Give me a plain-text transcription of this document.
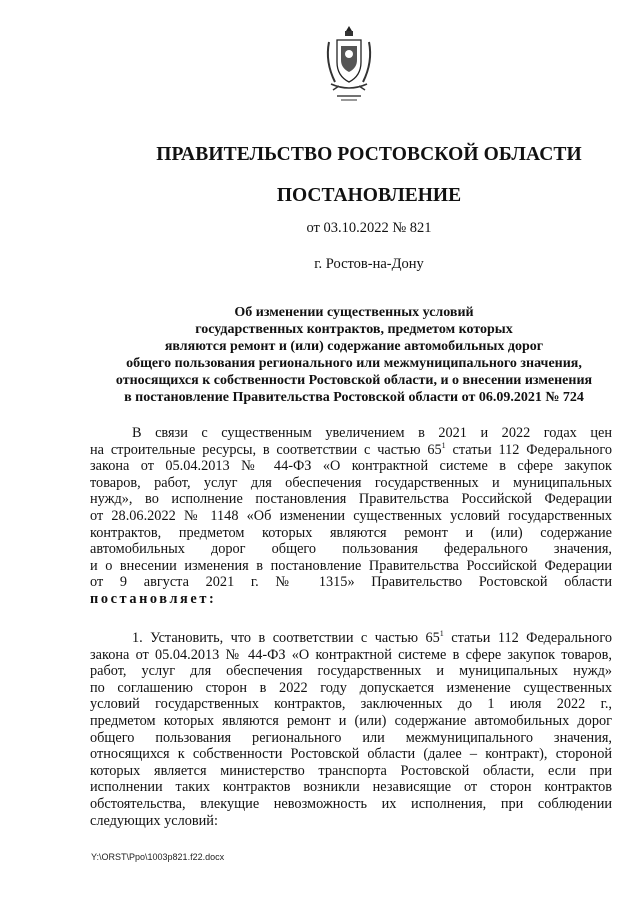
ПРАВИТЕЛЬСТВО РОСТОВСКОЙ ОБЛАСТИ
ПОСТАНОВЛЕНИЕ
от 03.10.2022 № 821
г. Ростов-на-Дону
Об изменении существенных условий
государственных контрактов, предметом которых
являются ремонт и (или) содержание автомобильных дорог
общего пользования регионального или межмуниципального значения,
относящихся к собственности Ростовской области, и о внесении изменения
в постановление Правительства Ростовской области от 06.09.2021 № 724
В связи с существенным увеличением в 2021 и 2022 годах цен
на строительные ресурсы, в соответствии с частью $65^1$ статьи 112 Федерального
закона от 05.04.2013 № 44-ФЗ «О контрактной системе в сфере закупок
товаров, работ, услуг для обеспечения государственных и муниципальных
нужд», во исполнение постановления Правительства Российской Федерации
от 28.06.2022 № 1148 «Об изменении существенных условий государственных
контрактов, предметом которых являются ремонт и (или) содержание
автомобильных дорог общего пользования федерального значения,
и о внесении изменения в постановление Правительства Российской Федерации
от 9 августа 2021 г. № 1315» Правительство Ростовской области
постановляет:
1. Установить, что в соответствии с частью $65^1$ статьи 112 Федерального
закона от 05.04.2013 № 44-ФЗ «О контрактной системе в сфере закупок товаров,
работ, услуг для обеспечения государственных и муниципальных нужд»
по соглашению сторон в 2022 году допускается изменение существенных
условий государственных контрактов, заключенных до 1 июля 2022 г.,
предметом которых являются ремонт и (или) содержание автомобильных дорог
общего пользования регионального или межмуниципального значения,
относящихся к собственности Ростовской области (далее – контракт), стороной
которых является министерство транспорта Ростовской области, если при
исполнении таких контрактов возникли независящие от сторон контрактов
обстоятельства, влекущие невозможность их исполнения, при соблюдении
следующих условий:
Y:\ORST\Ppo\1003p821.f22.docx
